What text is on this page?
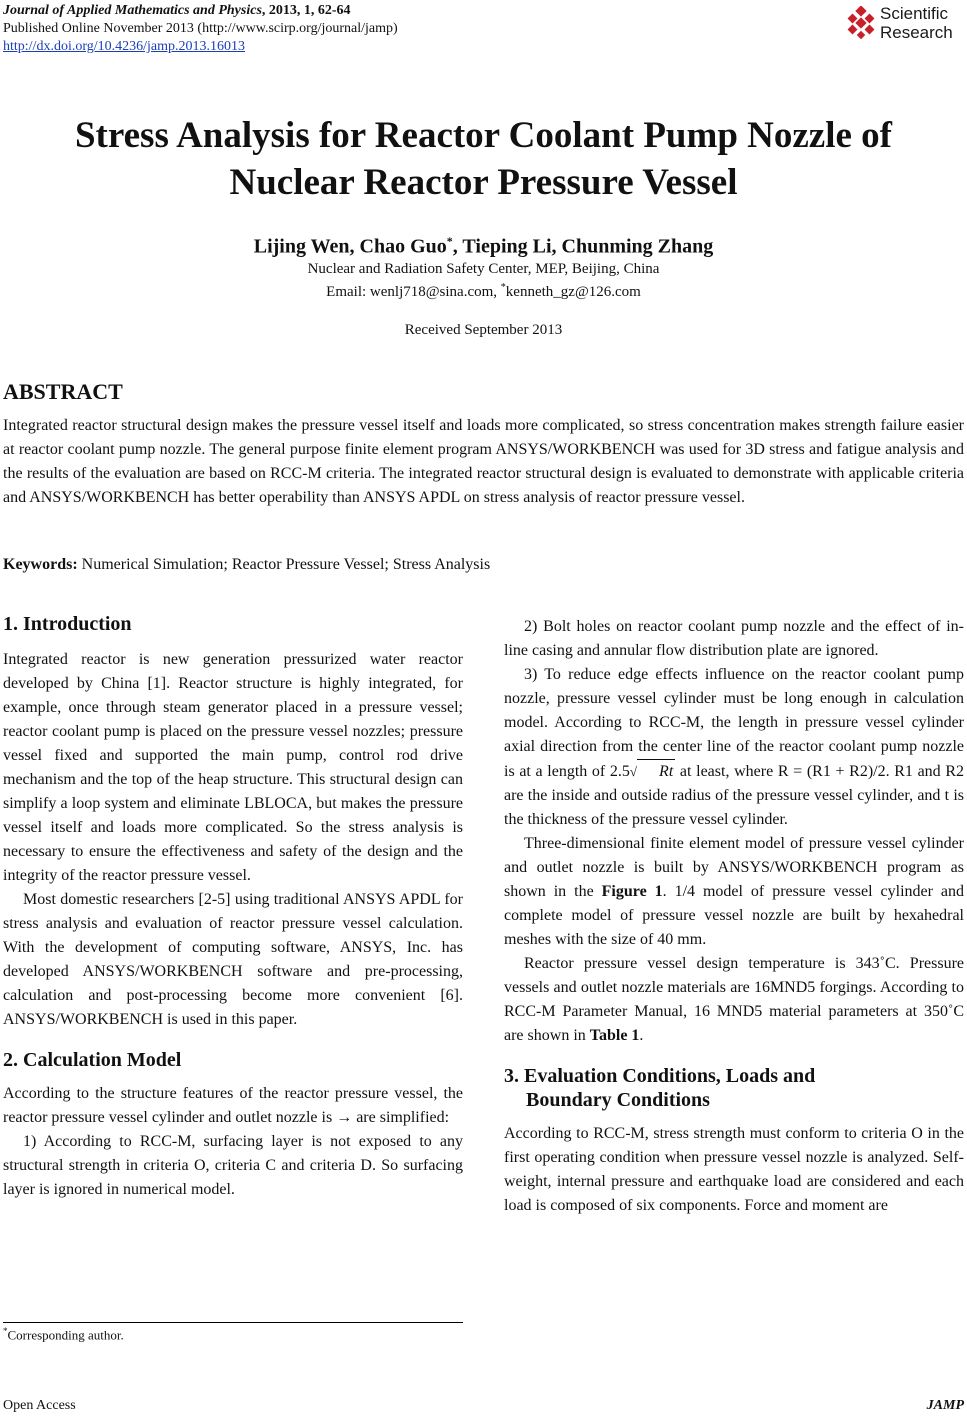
Journal of Applied Mathematics and Physics, 2013, 1, 62-64
Published Online November 2013 (http://www.scirp.org/journal/jamp)
http://dx.doi.org/10.4236/jamp.2013.16013
Scientific
Research
Stress Analysis for Reactor Coolant Pump Nozzle of
Nuclear Reactor Pressure Vessel
Lijing Wen, Chao Guo*, Tieping Li, Chunming Zhang
Nuclear and Radiation Safety Center, MEP, Beijing, China
Email: wenlj718@sina.com, *kenneth_gz@126.com
Received September 2013
ABSTRACT
Integrated reactor structural design makes the pressure vessel itself and loads more complicated, so stress concentration makes strength failure easier at reactor coolant pump nozzle. The general purpose finite element program ANSYS/WORKBENCH was used for 3D stress and fatigue analysis and the results of the evaluation are based on RCC-M criteria. The integrated reactor structural design is evaluated to demonstrate with applicable criteria and ANSYS/WORKBENCH has better operability than ANSYS APDL on stress analysis of reactor pressure vessel.
Keywords: Numerical Simulation; Reactor Pressure Vessel; Stress Analysis
1. Introduction

Integrated reactor is new generation pressurized water reactor developed by China [1]. Reactor structure is highly integrated, for example, once through steam generator placed in a pressure vessel; reactor coolant pump is placed on the pressure vessel nozzles; pressure vessel fixed and supported the main pump, control rod drive mechanism and the top of the heap structure. This structural design can simplify a loop system and eliminate LBLOCA, but makes the pressure vessel itself and loads more complicated. So the stress analysis is necessary to ensure the effectiveness and safety of the design and the integrity of the reactor pressure vessel.

Most domestic researchers [2-5] using traditional ANSYS APDL for stress analysis and evaluation of reactor pressure vessel calculation. With the development of computing software, ANSYS, Inc. has developed ANSYS/WORKBENCH software and pre-processing, calculation and post-processing become more convenient [6]. ANSYS/WORKBENCH is used in this paper.

2. Calculation Model

According to the structure features of the reactor pressure vessel, the reactor pressure vessel cylinder and outlet nozzle is → are simplified:

1) According to RCC-M, surfacing layer is not exposed to any structural strength in criteria O, criteria C and criteria D. So surfacing layer is ignored in numerical model.

*Corresponding author.

2) Bolt holes on reactor coolant pump nozzle and the effect of in-line casing and annular flow distribution plate are ignored.

3) To reduce edge effects influence on the reactor coolant pump nozzle, pressure vessel cylinder must be long enough in calculation model. According to RCC-M, the length in pressure vessel cylinder axial direction from the center line of the reactor coolant pump nozzle is at a length of 2.5√ Rt at least, where R = (R1 + R2)/2. R1 and R2 are the inside and outside radius of the pressure vessel cylinder, and t is the thickness of the pressure vessel cylinder.

Three-dimensional finite element model of pressure vessel cylinder and outlet nozzle is built by ANSYS/WORKBENCH program as shown in the Figure 1. 1/4 model of pressure vessel cylinder and complete model of pressure vessel nozzle are built by hexahedral meshes with the size of 40 mm.

Reactor pressure vessel design temperature is 343˚C. Pressure vessels and outlet nozzle materials are 16MND5 forgings. According to RCC-M Parameter Manual, 16 MND5 material parameters at 350˚C are shown in Table 1.

3. Evaluation Conditions, Loads and
Boundary Conditions

According to RCC-M, stress strength must conform to criteria O in the first operating condition when pressure vessel nozzle is analyzed. Self-weight, internal pressure and earthquake load are considered and each load is composed of six components. Force and moment are

Open Access	JAMP
